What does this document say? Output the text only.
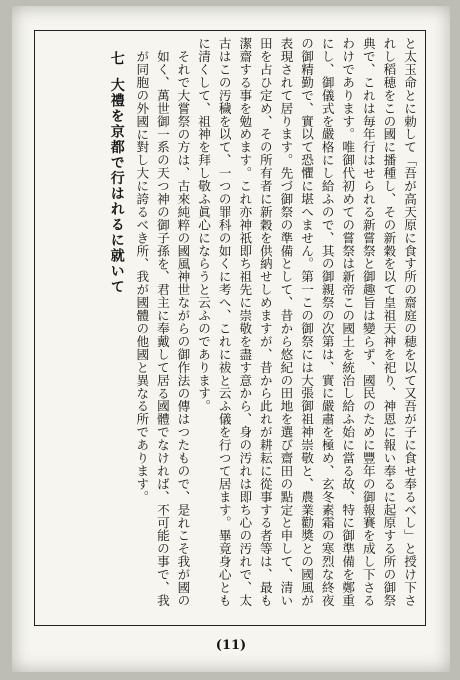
と太玉命とに勅して「吾が高天原に食す所の齋庭の穂を以て又吾が子に食せ奉るべし」と授け下されし稻穂をこの國に播種し、その新穀を以て皇祖天神を祀り、神恩に報い奉るに起原する所の御祭典で、これは毎年行はせられる新嘗祭と御趣旨は變らず、國民のために豐年の御報賽を成し下さるわけであります。唯御代初めての嘗祭は新帝この國土を統治し給ふ始に當る故、特に御準備を鄭重にし、御儀式を嚴格にし給ふので、其の御親祭の次第は、實に嚴肅を極め、玄冬素霜の寒烈な終夜の御精勤で、實以て恐懼に堪へません。第一この御祭には大張御祖神崇敬と、農業勸奬との國風が表現されて居ります。先づ御祭の準備として、昔から悠紀の田地を選び齋田の點定と申して、清い田を占ひ定め、その所有者に新穀を供納せしめますが、昔から此れが耕耘に從事する者等は、最も潔齋する事を勉めます。これ亦神祇即ち祖先に崇敬を盡す意から、身の汚れは即ち心の汚れで、太古はこの汚穢を以て、一つの罪科の如くに考へ、これに祓と云ふ儀を行つて居ます。畢竟身心ともに清くして、祖神を拜し敬ふ眞心にならうと云ふのであります。

それで大嘗祭の方は、古來純粹の國風神世ながらの御作法の傳はつたもので、是れこそ我が國の如く、萬世御一系の天つ神の御子孫を、君主に奉戴して居る國體でなければ、不可能の事で、我が同胞の外國に對し大に誇るべき所、我が國體の他國と異なる所であります。

七大禮を京都で行はれるに就いて

(11)
